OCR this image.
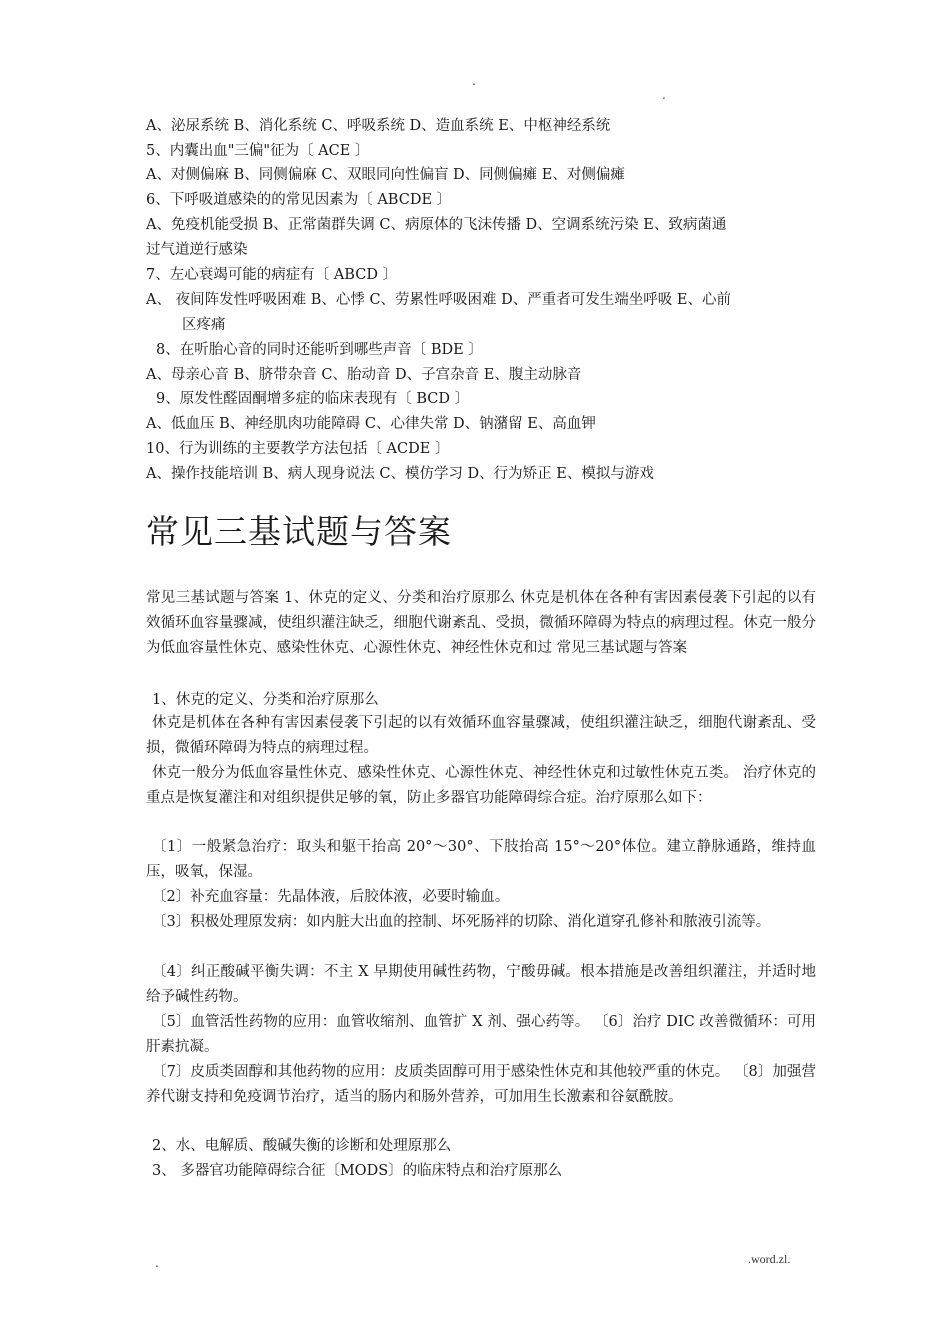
.
.
A、泌尿系统 B、消化系统 C、呼吸系统 D、造血系统 E、中枢神经系统
5、内囊出血"三偏"征为〔 ACE 〕
A、对侧偏麻 B、同侧偏麻 C、双眼同向性偏盲 D、同侧偏瘫 E、对侧偏瘫
6、下呼吸道感染的的常见因素为〔 ABCDE 〕
A、免疫机能受损 B、正常菌群失调 C、病原体的飞沫传播 D、空调系统污染 E、致病菌通
过气道逆行感染
7、左心衰竭可能的病症有〔 ABCD 〕
A、 夜间阵发性呼吸困难 B、心悸 C、劳累性呼吸困难 D、严重者可发生端坐呼吸 E、心前
区疼痛
8、在听胎心音的同时还能听到哪些声音〔 BDE 〕
A、母亲心音 B、脐带杂音 C、胎动音 D、子宫杂音 E、腹主动脉音
9、原发性醛固酮增多症的临床表现有〔 BCD 〕
A、低血压 B、神经肌肉功能障碍 C、心律失常 D、钠潴留 E、高血钾
10、行为训练的主要教学方法包括〔 ACDE 〕
A、操作技能培训 B、病人现身说法 C、模仿学习 D、行为矫正 E、模拟与游戏
常见三基试题与答案
常见三基试题与答案 1、休克的定义、分类和治疗原那么 休克是机体在各种有害因素侵袭下引起的以有效循环血容量骤减，使组织灌注缺乏，细胞代谢紊乱、受损，微循环障碍为特点的病理过程。休克一般分为低血容量性休克、感染性休克、心源性休克、神经性休克和过 常见三基试题与答案
1、休克的定义、分类和治疗原那么
休克是机体在各种有害因素侵袭下引起的以有效循环血容量骤减，使组织灌注缺乏，细胞代谢紊乱、受损，微循环障碍为特点的病理过程。
休克一般分为低血容量性休克、感染性休克、心源性休克、神经性休克和过敏性休克五类。 治疗休克的重点是恢复灌注和对组织提供足够的氧，防止多器官功能障碍综合症。治疗原那么如下：
〔1〕一般紧急治疗：取头和躯干抬高 20°～30°、下肢抬高 15°～20°体位。建立静脉通路，维持血压，吸氧，保湿。
〔2〕补充血容量：先晶体液，后胶体液，必要时输血。
〔3〕积极处理原发病：如内脏大出血的控制、坏死肠袢的切除、消化道穿孔修补和脓液引流等。
〔4〕纠正酸碱平衡失调：不主 X 早期使用碱性药物，宁酸毋碱。根本措施是改善组织灌注，并适时地给予碱性药物。
〔5〕血管活性药物的应用：血管收缩剂、血管扩 X 剂、强心药等。 〔6〕治疗 DIC 改善微循环：可用肝素抗凝。
〔7〕皮质类固醇和其他药物的应用：皮质类固醇可用于感染性休克和其他较严重的休克。 〔8〕加强营养代谢支持和免疫调节治疗，适当的肠内和肠外营养，可加用生长激素和谷氨酰胺。
2、水、电解质、酸碱失衡的诊断和处理原那么
3、 多器官功能障碍综合征〔MODS〕的临床特点和治疗原那么
.	.word.zl.
